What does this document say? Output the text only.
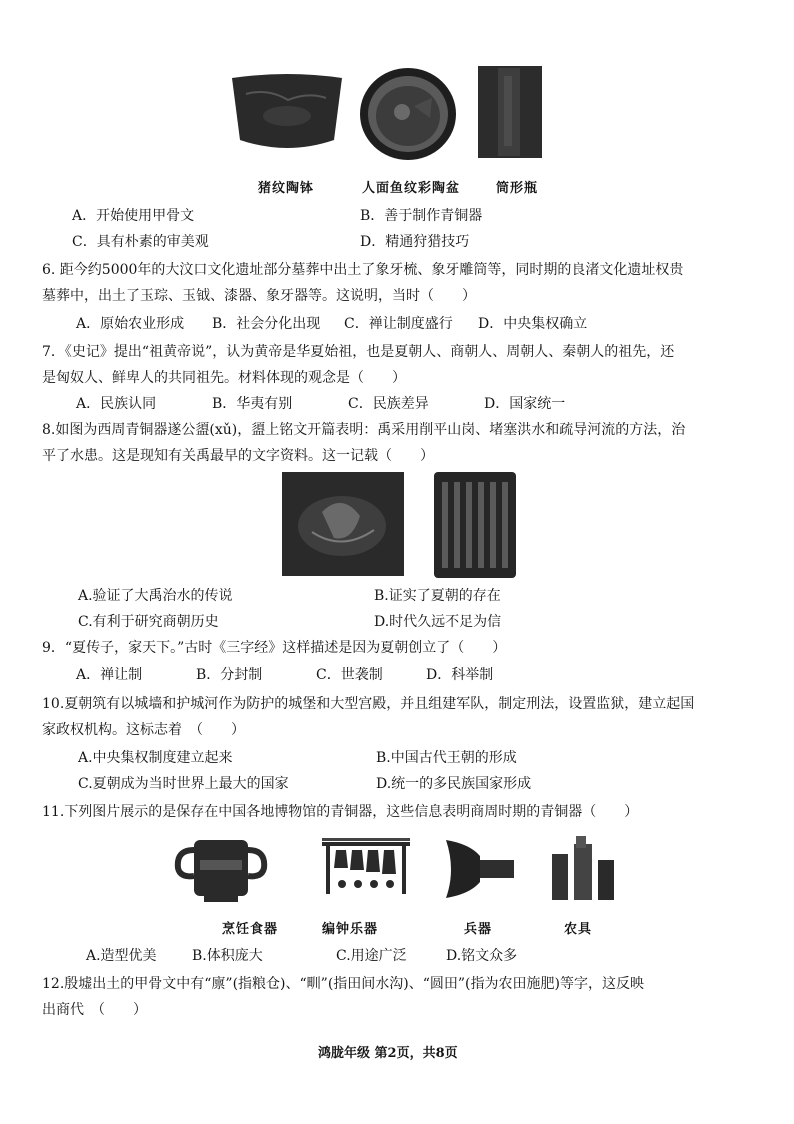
猪纹陶钵	人面鱼纹彩陶盆	筒形瓶
A．开始使用甲骨文	B．善于制作青铜器
C．具有朴素的审美观	D．精通狩猎技巧
6. 距今约5000年的大汶口文化遗址部分墓葬中出土了象牙梳、象牙雕筒等，同时期的良渚文化遗址权贵
墓葬中，出土了玉琮、玉钺、漆器、象牙器等。这说明，当时（　　）
A．原始农业形成 B．社会分化出现 C．禅让制度盛行 D．中央集权确立
7．《史记》提出“祖黄帝说”，认为黄帝是华夏始祖，也是夏朝人、商朝人、周朝人、秦朝人的祖先，还
是匈奴人、鲜卑人的共同祖先。材料体现的观念是（　　）
A．民族认同	B．华夷有别	C．民族差异	D．国家统一
8.如图为西周青铜器遂公盨(xǔ)，盨上铭文开篇表明：禹采用削平山岗、堵塞洪水和疏导河流的方法，治
平了水患。这是现知有关禹最早的文字资料。这一记载（　　）
A.验证了大禹治水的传说	B.证实了夏朝的存在
C.有利于研究商朝历史	D.时代久远不足为信
9．“夏传子，家天下。”古时《三字经》这样描述是因为夏朝创立了（　　）
A．禅让制	B．分封制	C．世袭制	D．科举制
10.夏朝筑有以城墙和护城河作为防护的城堡和大型宫殿，并且组建军队，制定刑法，设置监狱，建立起国
家政权机构。这标志着　（　　）
A.中央集权制度建立起来	B.中国古代王朝的形成
C.夏朝成为当时世界上最大的国家	D.统一的多民族国家形成
11.下列图片展示的是保存在中国各地博物馆的青铜器，这些信息表明商周时期的青铜器（　　）
烹饪食器	编钟乐器	兵器	农具
A.造型优美	B.体积庞大	C.用途广泛	D.铭文众多
12.殷墟出土的甲骨文中有“廪”(指粮仓)、“甽”(指田间水沟)、“圆田”(指为农田施肥)等字，这反映
出商代　（　　）
鸿胧年级 第2页，共8页
